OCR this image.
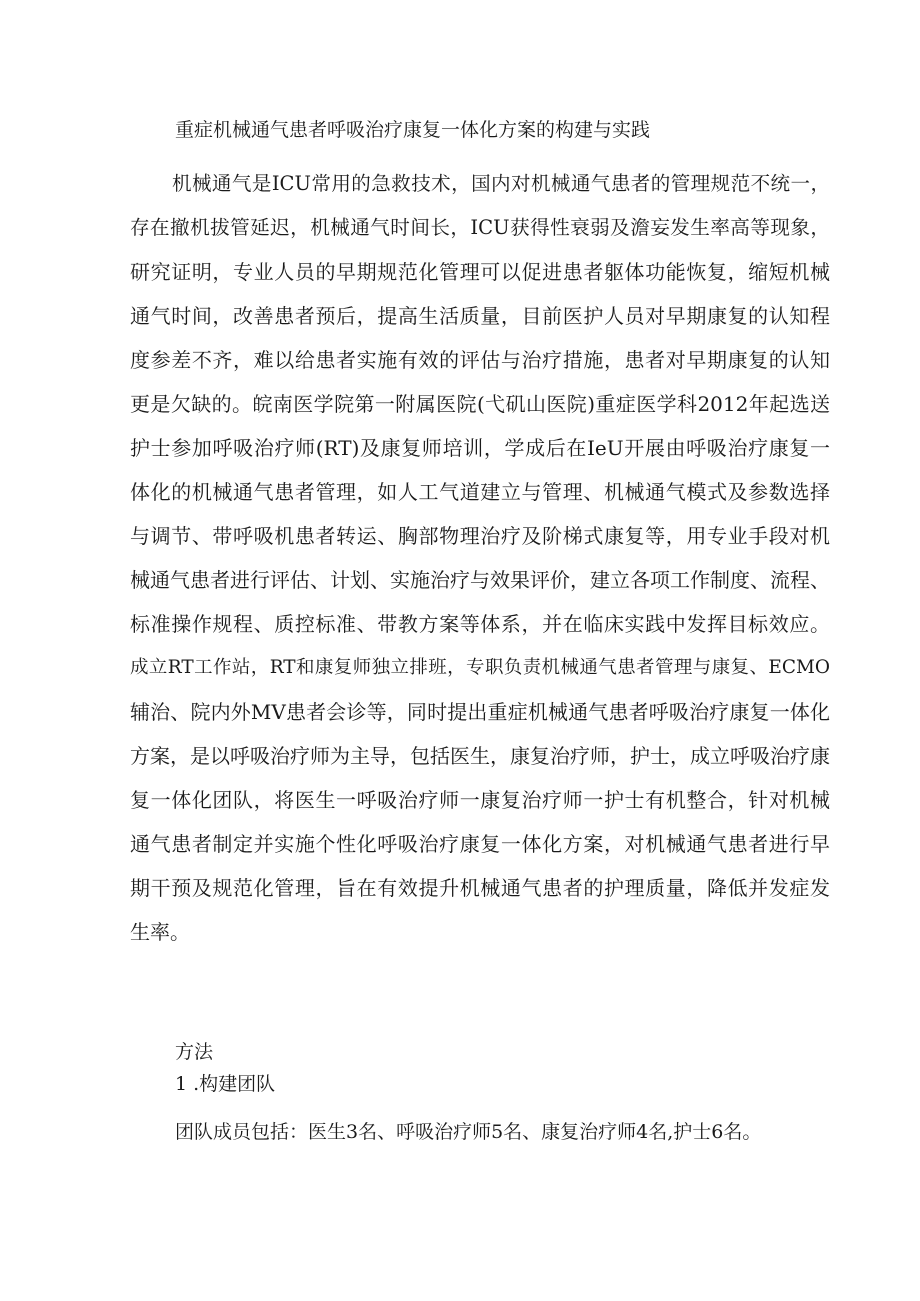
重症机械通气患者呼吸治疗康复一体化方案的构建与实践
机械通气是ICU常用的急救技术，国内对机械通气患者的管理规范不统一，
存在撤机拔管延迟，机械通气时间长，ICU获得性衰弱及澹妄发生率高等现象，
研究证明，专业人员的早期规范化管理可以促进患者躯体功能恢复，缩短机械
通气时间，改善患者预后，提高生活质量，目前医护人员对早期康复的认知程
度参差不齐，难以给患者实施有效的评估与治疗措施，患者对早期康复的认知
更是欠缺的。皖南医学院第一附属医院(弋矶山医院)重症医学科2012年起选送
护士参加呼吸治疗师(RT)及康复师培训，学成后在IeU开展由呼吸治疗康复一
体化的机械通气患者管理，如人工气道建立与管理、机械通气模式及参数选择
与调节、带呼吸机患者转运、胸部物理治疗及阶梯式康复等，用专业手段对机
械通气患者进行评估、计划、实施治疗与效果评价，建立各项工作制度、流程、
标准操作规程、质控标准、带教方案等体系，并在临床实践中发挥目标效应。
成立RT工作站，RT和康复师独立排班，专职负责机械通气患者管理与康复、ECMO
辅治、院内外MV患者会诊等，同时提出重症机械通气患者呼吸治疗康复一体化
方案，是以呼吸治疗师为主导，包括医生，康复治疗师，护士，成立呼吸治疗康
复一体化团队，将医生一呼吸治疗师一康复治疗师一护士有机整合，针对机械
通气患者制定并实施个性化呼吸治疗康复一体化方案，对机械通气患者进行早
期干预及规范化管理，旨在有效提升机械通气患者的护理质量，降低并发症发
生率。
方法
1 .构建团队

团队成员包括：医生3名、呼吸治疗师5名、康复治疗师4名,护士6名。
